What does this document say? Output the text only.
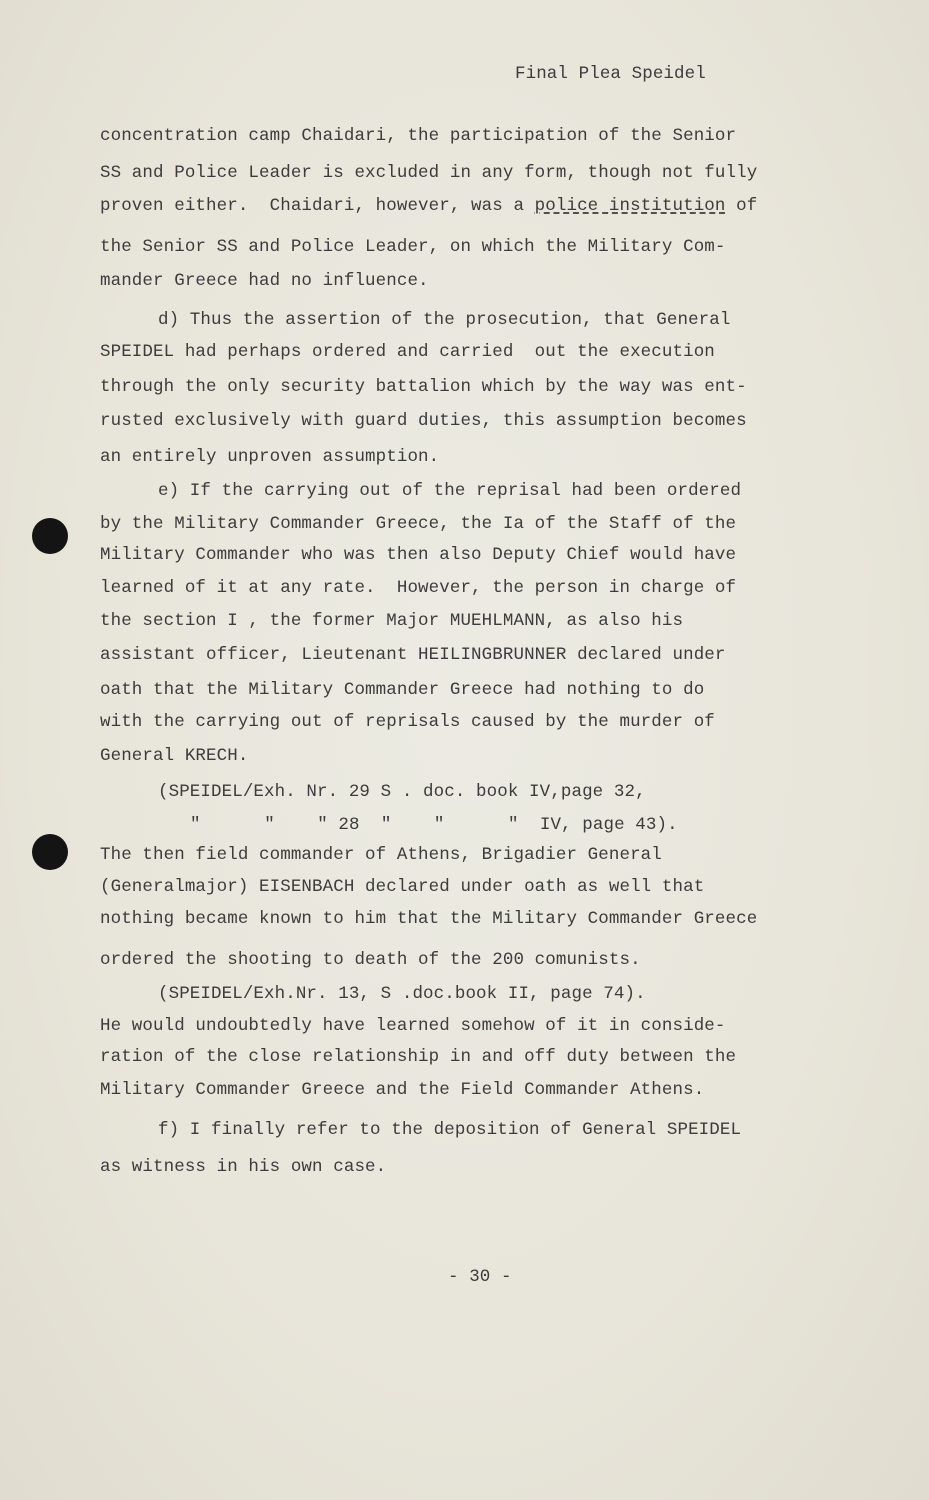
Final Plea Speidel
concentration camp Chaidari, the participation of the Senior
SS and Police Leader is excluded in any form, though not fully
proven either.  Chaidari, however, was a police institution of
the Senior SS and Police Leader, on which the Military Com-
mander Greece had no influence.
d) Thus the assertion of the prosecution, that General
SPEIDEL had perhaps ordered and carried  out the execution
through the only security battalion which by the way was ent-
rusted exclusively with guard duties, this assumption becomes
an entirely unproven assumption.
e) If the carrying out of the reprisal had been ordered
by the Military Commander Greece, the Ia of the Staff of the
Military Commander who was then also Deputy Chief would have
learned of it at any rate.  However, the person in charge of
the section I , the former Major MUEHLMANN, as also his
assistant officer, Lieutenant HEILINGBRUNNER declared under
oath that the Military Commander Greece had nothing to do
with the carrying out of reprisals caused by the murder of
General KRECH.
(SPEIDEL/Exh. Nr. 29 S . doc. book IV,page 32,
"      "    " 28  "    "      "  IV, page 43).
The then field commander of Athens, Brigadier General
(Generalmajor) EISENBACH declared under oath as well that
nothing became known to him that the Military Commander Greece
ordered the shooting to death of the 200 comunists.
(SPEIDEL/Exh.Nr. 13, S .doc.book II, page 74).
He would undoubtedly have learned somehow of it in conside-
ration of the close relationship in and off duty between the
Military Commander Greece and the Field Commander Athens.
f) I finally refer to the deposition of General SPEIDEL
as witness in his own case.
- 30 -
